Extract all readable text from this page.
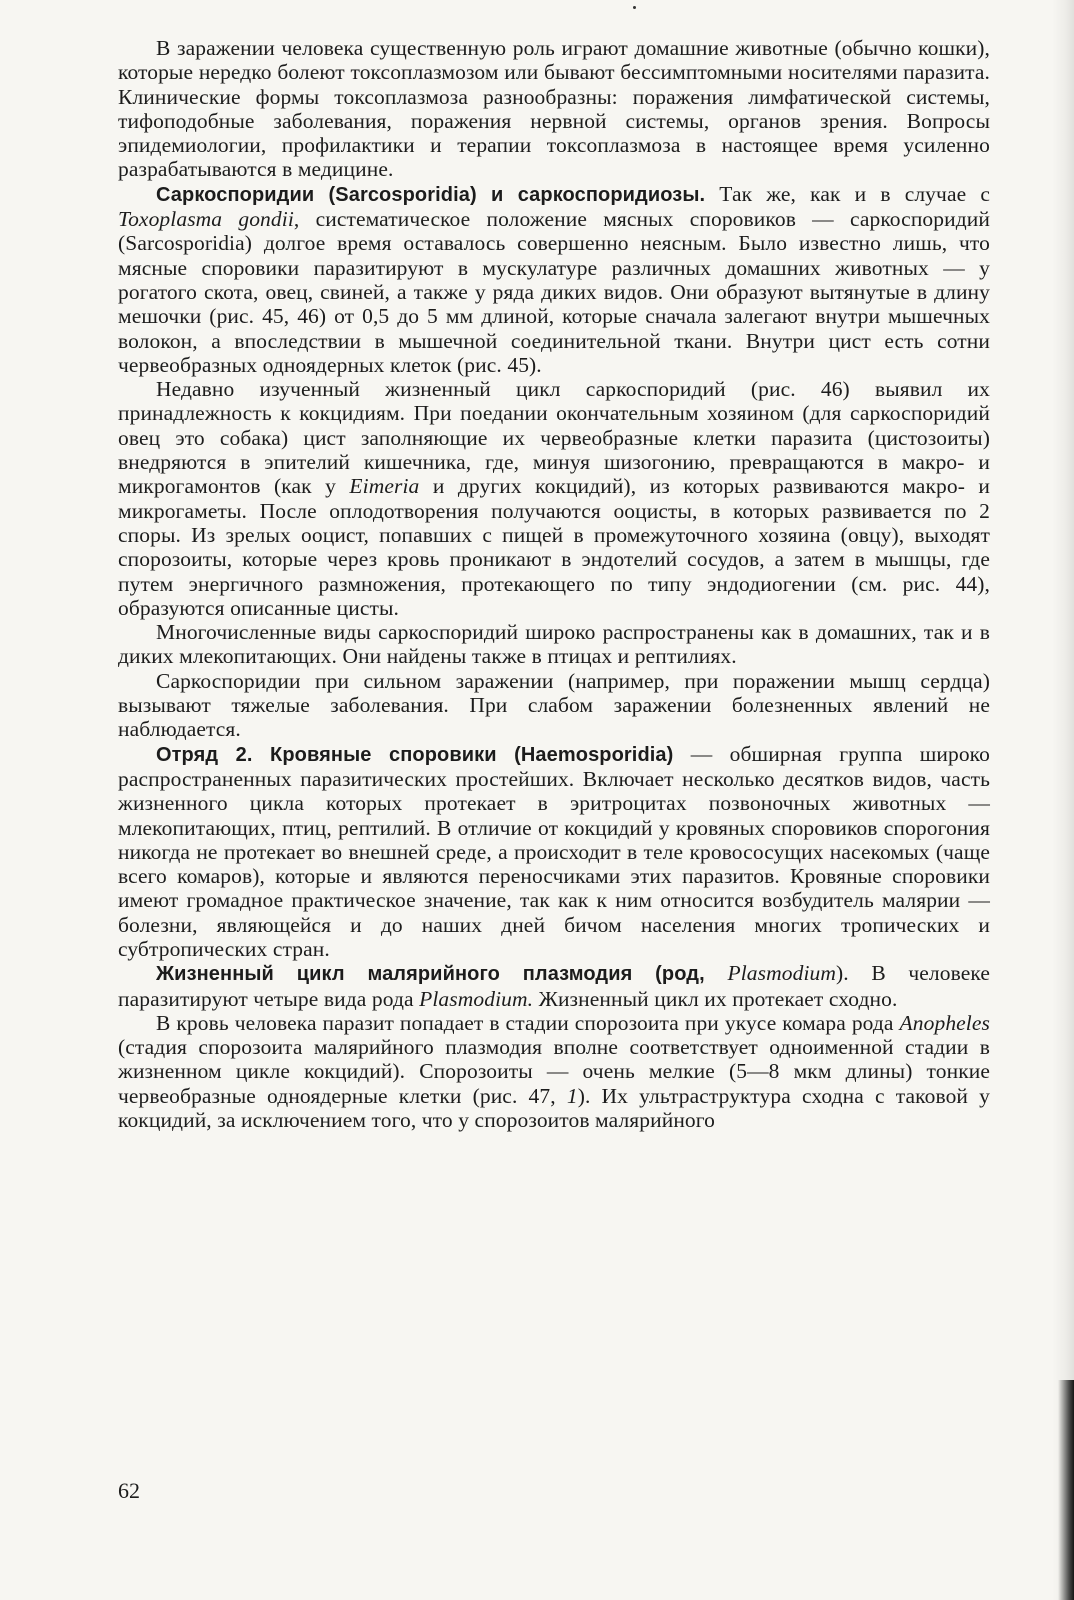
В заражении человека существенную роль играют домашние животные (обычно кошки), которые нередко болеют токсоплазмозом или бывают бессимптомными носителями паразита. Клинические формы токсоплазмоза разнообразны: поражения лимфатической системы, тифоподобные заболевания, поражения нервной системы, органов зрения. Вопросы эпидемиологии, профилактики и терапии токсоплазмоза в настоящее время усиленно разрабатываются в медицине.

Саркоспоридии (Sarcosporidia) и саркоспоридиозы. Так же, как и в случае с Toxoplasma gondii, систематическое положение мясных споровиков — саркоспоридий (Sarcosporidia) долгое время оставалось совершенно неясным. Было известно лишь, что мясные споровики паразитируют в мускулатуре различных домашних животных — у рогатого скота, овец, свиней, а также у ряда диких видов. Они образуют вытянутые в длину мешочки (рис. 45, 46) от 0,5 до 5 мм длиной, которые сначала залегают внутри мышечных волокон, а впоследствии в мышечной соединительной ткани. Внутри цист есть сотни червеобразных одноядерных клеток (рис. 45).

Недавно изученный жизненный цикл саркоспоридий (рис. 46) выявил их принадлежность к кокцидиям. При поедании окончательным хозяином (для саркоспоридий овец это собака) цист заполняющие их червеобразные клетки паразита (цистозоиты) внедряются в эпителий кишечника, где, минуя шизогонию, превращаются в макро- и микрогамонтов (как у Eimeria и других кокцидий), из которых развиваются макро- и микрогаметы. После оплодотворения получаются ооцисты, в которых развивается по 2 споры. Из зрелых ооцист, попавших с пищей в промежуточного хозяина (овцу), выходят спорозоиты, которые через кровь проникают в эндотелий сосудов, а затем в мышцы, где путем энергичного размножения, протекающего по типу эндодиогении (см. рис. 44), образуются описанные цисты.

Многочисленные виды саркоспоридий широко распространены как в домашних, так и в диких млекопитающих. Они найдены также в птицах и рептилиях.

Саркоспоридии при сильном заражении (например, при поражении мышц сердца) вызывают тяжелые заболевания. При слабом заражении болезненных явлений не наблюдается.

Отряд 2. Кровяные споровики (Haemosporidia) — обширная группа широко распространенных паразитических простейших. Включает несколько десятков видов, часть жизненного цикла которых протекает в эритроцитах позвоночных животных — млекопитающих, птиц, рептилий. В отличие от кокцидий у кровяных споровиков спорогония никогда не протекает во внешней среде, а происходит в теле кровососущих насекомых (чаще всего комаров), которые и являются переносчиками этих паразитов. Кровяные споровики имеют громадное практическое значение, так как к ним относится возбудитель малярии — болезни, являющейся и до наших дней бичом населения многих тропических и субтропических стран.

Жизненный цикл малярийного плазмодия (род, Plasmodium). В человеке паразитируют четыре вида рода Plasmodium. Жизненный цикл их протекает сходно.

В кровь человека паразит попадает в стадии спорозоита при укусе комара рода Anopheles (стадия спорозоита малярийного плазмодия вполне соответствует одноименной стадии в жизненном цикле кокцидий). Спорозоиты — очень мелкие (5—8 мкм длины) тонкие червеобразные одноядерные клетки (рис. 47, 1). Их ультраструктура сходна с таковой у кокцидий, за исключением того, что у спорозоитов малярийного

62
